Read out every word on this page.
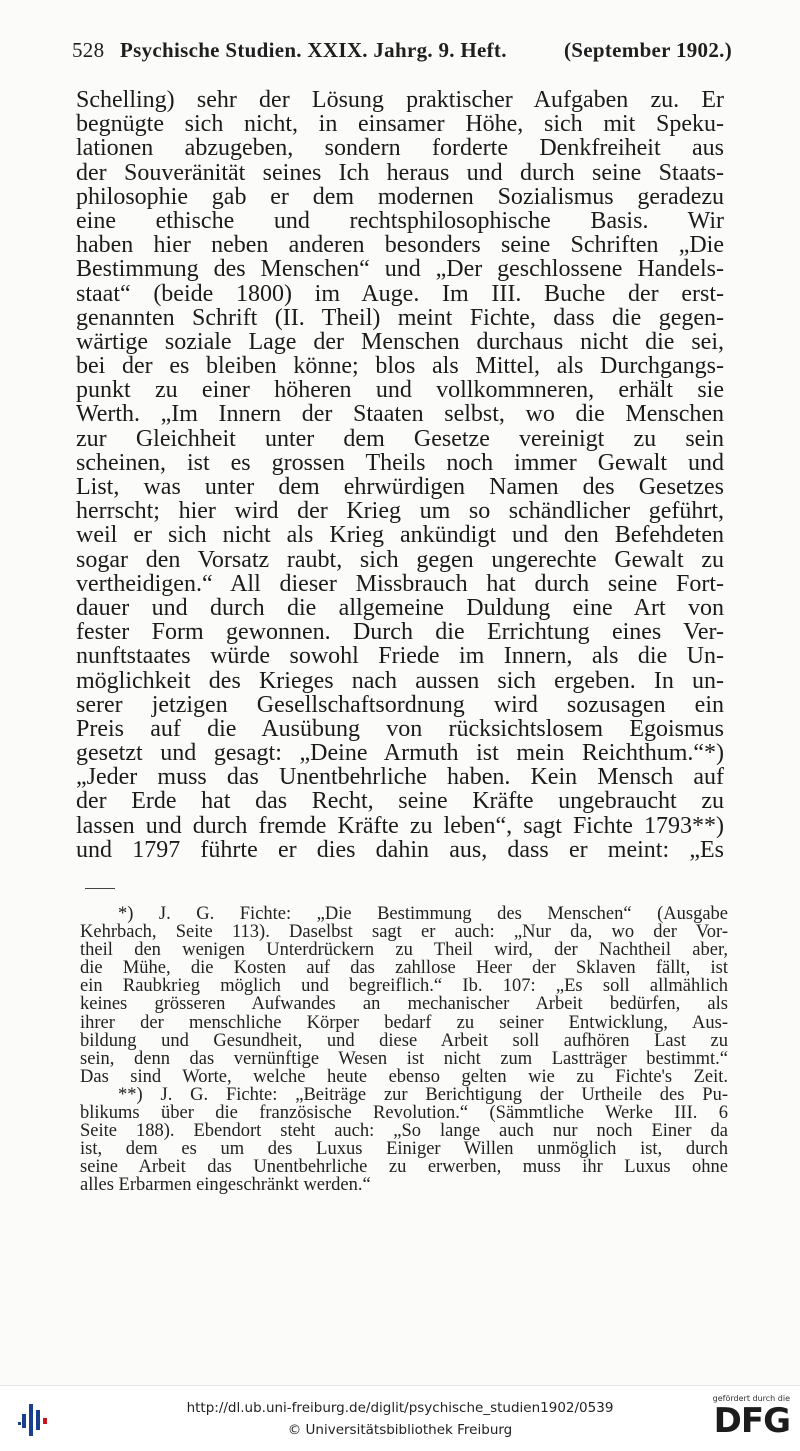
528 Psychische Studien. XXIX. Jahrg. 9. Heft.	(September 1902.)
Schelling) sehr der Lösung praktischer Aufgaben zu. Er
begnügte sich nicht, in einsamer Höhe, sich mit Speku-
lationen abzugeben, sondern forderte Denkfreiheit aus
der Souveränität seines Ich heraus und durch seine Staats-
philosophie gab er dem modernen Sozialismus geradezu
eine ethische und rechtsphilosophische Basis. Wir
haben hier neben anderen besonders seine Schriften „Die
Bestimmung des Menschen“ und „Der geschlossene Handels-
staat“ (beide 1800) im Auge. Im III. Buche der erst-
genannten Schrift (II. Theil) meint Fichte, dass die gegen-
wärtige soziale Lage der Menschen durchaus nicht die sei,
bei der es bleiben könne; blos als Mittel, als Durchgangs-
punkt zu einer höheren und vollkommneren, erhält sie
Werth. „Im Innern der Staaten selbst, wo die Menschen
zur Gleichheit unter dem Gesetze vereinigt zu sein
scheinen, ist es grossen Theils noch immer Gewalt und
List, was unter dem ehrwürdigen Namen des Gesetzes
herrscht; hier wird der Krieg um so schändlicher geführt,
weil er sich nicht als Krieg ankündigt und den Befehdeten
sogar den Vorsatz raubt, sich gegen ungerechte Gewalt zu
vertheidigen.“ All dieser Missbrauch hat durch seine Fort-
dauer und durch die allgemeine Duldung eine Art von
fester Form gewonnen. Durch die Errichtung eines Ver-
nunftstaates würde sowohl Friede im Innern, als die Un-
möglichkeit des Krieges nach aussen sich ergeben. In un-
serer jetzigen Gesellschaftsordnung wird sozusagen ein
Preis auf die Ausübung von rücksichtslosem Egoismus
gesetzt und gesagt: „Deine Armuth ist mein Reichthum.“*)
„Jeder muss das Unentbehrliche haben. Kein Mensch auf
der Erde hat das Recht, seine Kräfte ungebraucht zu
lassen und durch fremde Kräfte zu leben“, sagt Fichte 1793**)
und 1797 führte er dies dahin aus, dass er meint: „Es
*) J. G. Fichte: „Die Bestimmung des Menschen“ (Ausgabe
Kehrbach, Seite 113). Daselbst sagt er auch: „Nur da, wo der Vor-
theil den wenigen Unterdrückern zu Theil wird, der Nachtheil aber,
die Mühe, die Kosten auf das zahllose Heer der Sklaven fällt, ist
ein Raubkrieg möglich und begreiflich.“ Ib. 107: „Es soll allmählich
keines grösseren Aufwandes an mechanischer Arbeit bedürfen, als
ihrer der menschliche Körper bedarf zu seiner Entwicklung, Aus-
bildung und Gesundheit, und diese Arbeit soll aufhören Last zu
sein, denn das vernünftige Wesen ist nicht zum Lastträger bestimmt.“
Das sind Worte, welche heute ebenso gelten wie zu Fichte's Zeit.
**) J. G. Fichte: „Beiträge zur Berichtigung der Urtheile des Pu-
blikums über die französische Revolution.“ (Sämmtliche Werke III. 6
Seite 188). Ebendort steht auch: „So lange auch nur noch Einer da
ist, dem es um des Luxus Einiger Willen unmöglich ist, durch
seine Arbeit das Unentbehrliche zu erwerben, muss ihr Luxus ohne
alles Erbarmen eingeschränkt werden.“
http://dl.ub.uni-freiburg.de/diglit/psychische_studien1902/0539
© Universitätsbibliothek Freiburg
gefördert durch die
DFG
